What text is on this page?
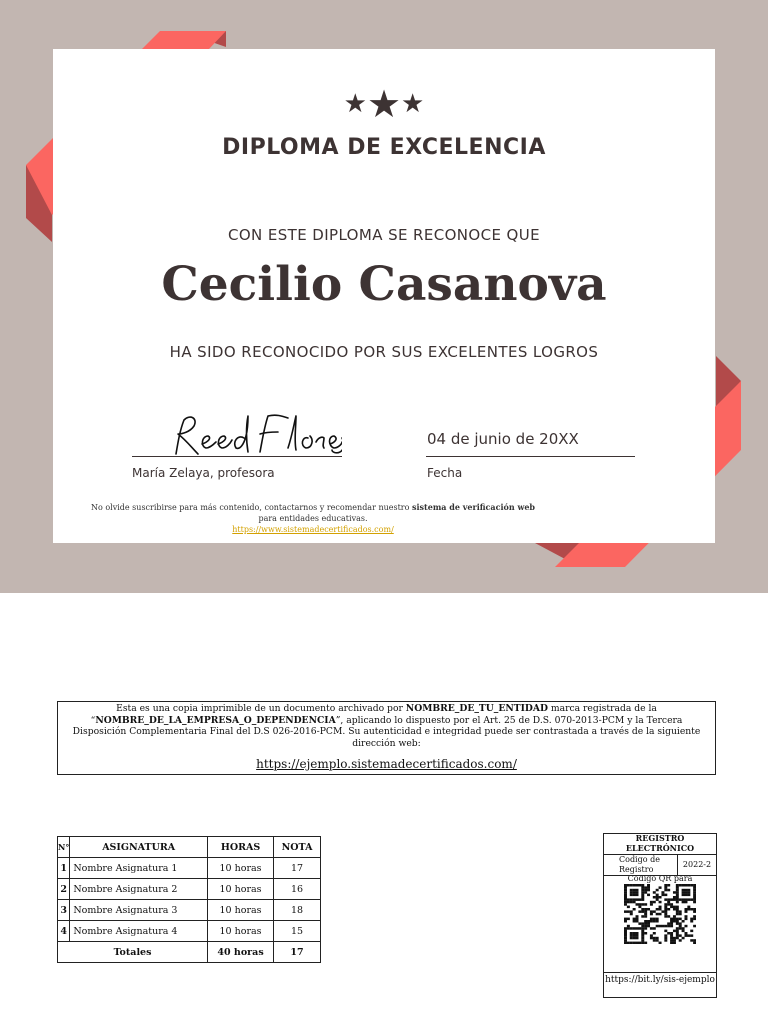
★★★
DIPLOMA DE EXCELENCIA
CON ESTE DIPLOMA SE RECONOCE QUE
Cecilio Casanova
HA SIDO RECONOCIDO POR SUS EXCELENTES LOGROS
María Zelaya, profesora
04 de junio de 20XX
Fecha
No olvide suscribirse para más contenido, contactarnos y recomendar nuestro sistema de verificación web
para entidades educativas.
https://www.sistemadecertificados.com/
Esta es una copia imprimible de un documento archivado por NOMBRE_DE_TU_ENTIDAD marca registrada de la “NOMBRE_DE_LA_EMPRESA_O_DEPENDENCIA”, aplicando lo dispuesto por el Art. 25 de D.S. 070-2013-PCM y la Tercera Disposición Complementaria Final del D.S 026-2016-PCM. Su autenticidad e integridad puede ser contrastada a través de la siguiente dirección web:
https://ejemplo.sistemadecertificados.com/
N°	ASIGNATURA	HORAS	NOTA
1	Nombre Asignatura 1	10 horas	17
2	Nombre Asignatura 2	10 horas	16
3	Nombre Asignatura 3	10 horas	18
4	Nombre Asignatura 4	10 horas	15
Totales		40 horas	17
REGISTRO ELECTRÓNICO
Codigo de Registro	2022-2
Código QR para
https://bit.ly/sis-ejemplo
